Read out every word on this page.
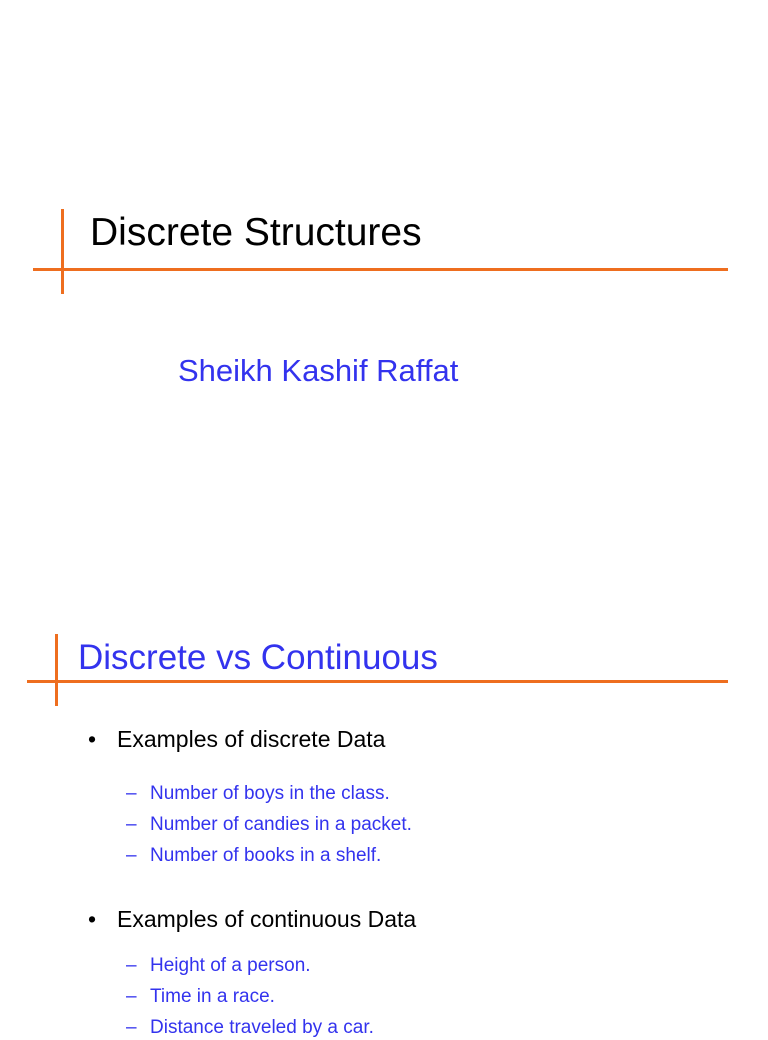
Discrete Structures
Sheikh Kashif Raffat
Discrete vs Continuous
• Examples of discrete Data
– Number of boys in the class.
– Number of candies in a packet.
– Number of books in a shelf.
• Examples of continuous Data
– Height of a person.
– Time in a race.
– Distance traveled by a car.
